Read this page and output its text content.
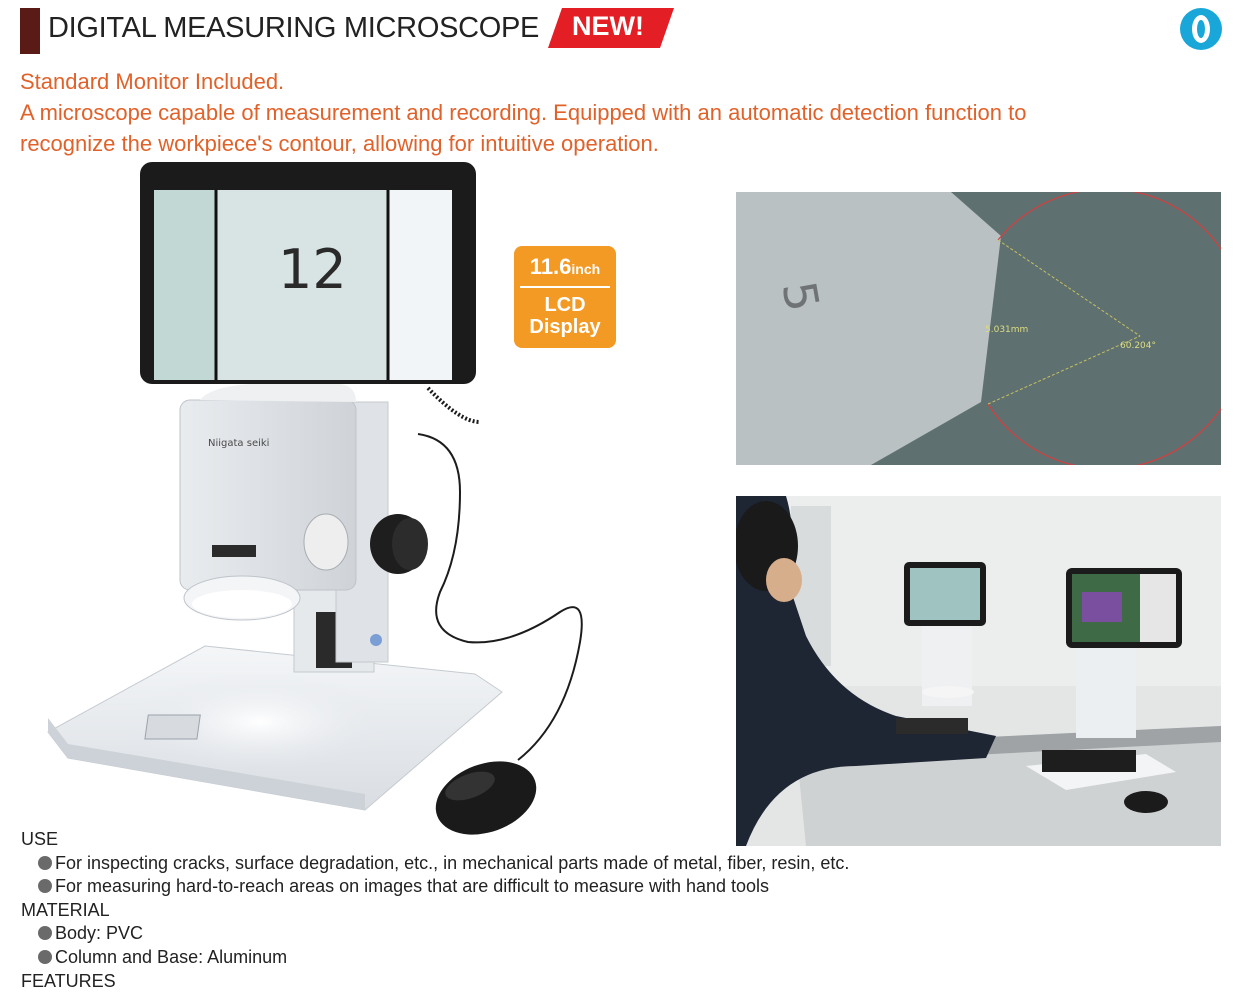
DIGITAL MEASURING MICROSCOPE NEW!
Standard Monitor Included.
A microscope capable of measurement and recording. Equipped with an automatic detection function to
recognize the workpiece's contour, allowing for intuitive operation.
12
Niigata seiki
11.6inch
LCD
Display
5
5.031mm
60.204°
USE
For inspecting cracks, surface degradation, etc., in mechanical parts made of metal, fiber, resin, etc.
For measuring hard-to-reach areas on images that are difficult to measure with hand tools
MATERIAL
Body: PVC
Column and Base: Aluminum
FEATURES
